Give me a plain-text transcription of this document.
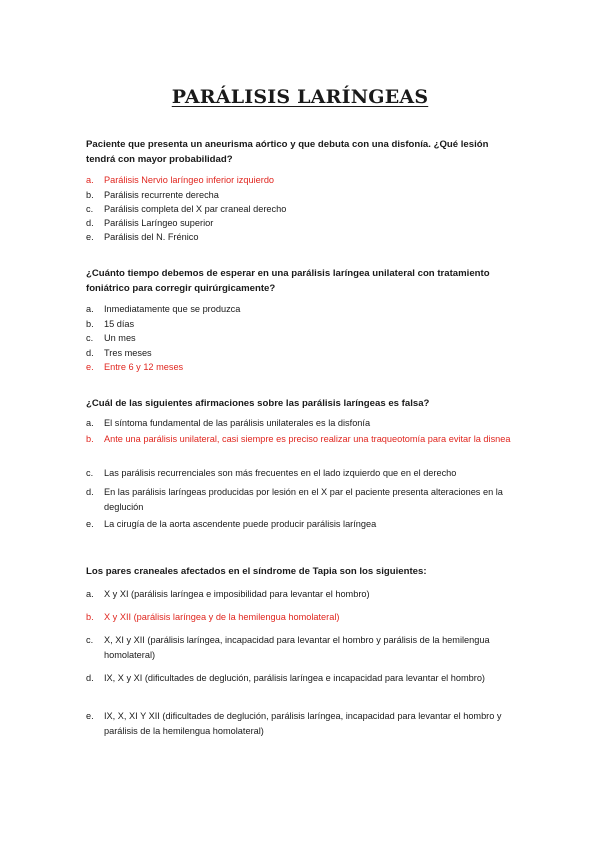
PARÁLISIS LARÍNGEAS
Paciente que presenta un aneurisma aórtico y que debuta con una disfonía. ¿Qué lesión tendrá con mayor probabilidad?
a.	Parálisis Nervio laríngeo inferior izquierdo
b.	Parálisis recurrente derecha
c.	Parálisis completa del X par craneal derecho
d.	Parálisis Laríngeo superior
e.	Parálisis del N. Frénico
¿Cuánto tiempo debemos de esperar en una parálisis laríngea unilateral con tratamiento foniátrico para corregir quirúrgicamente?
a.	Inmediatamente que se produzca
b.	15 días
c.	Un mes
d.	Tres meses
e.	Entre 6 y 12 meses
¿Cuál de las siguientes afirmaciones sobre las parálisis laríngeas es falsa?
a.	El síntoma fundamental de las parálisis unilaterales es la disfonía
b.	Ante una parálisis unilateral, casi siempre es preciso realizar una traqueotomía para evitar la disnea
c.	Las parálisis recurrenciales son más frecuentes en el lado izquierdo que en el derecho
d.	En las parálisis laríngeas producidas por lesión en el X par el paciente presenta alteraciones en la deglución
e.	La cirugía de la aorta ascendente puede producir parálisis laríngea
Los pares craneales afectados en el síndrome de Tapia son los siguientes:
a.	X y XI (parálisis laríngea e imposibilidad para levantar el hombro)
b.	X y XII (parálisis laríngea y de la hemilengua homolateral)
c.	X, XI y XII (parálisis laríngea, incapacidad para levantar el hombro y parálisis de la hemilengua homolateral)
d.	IX, X y XI (dificultades de deglución, parálisis laríngea e incapacidad para levantar el hombro)
e.	IX, X, XI Y XII (dificultades de deglución, parálisis laríngea, incapacidad para levantar el hombro y parálisis de la hemilengua homolateral)
